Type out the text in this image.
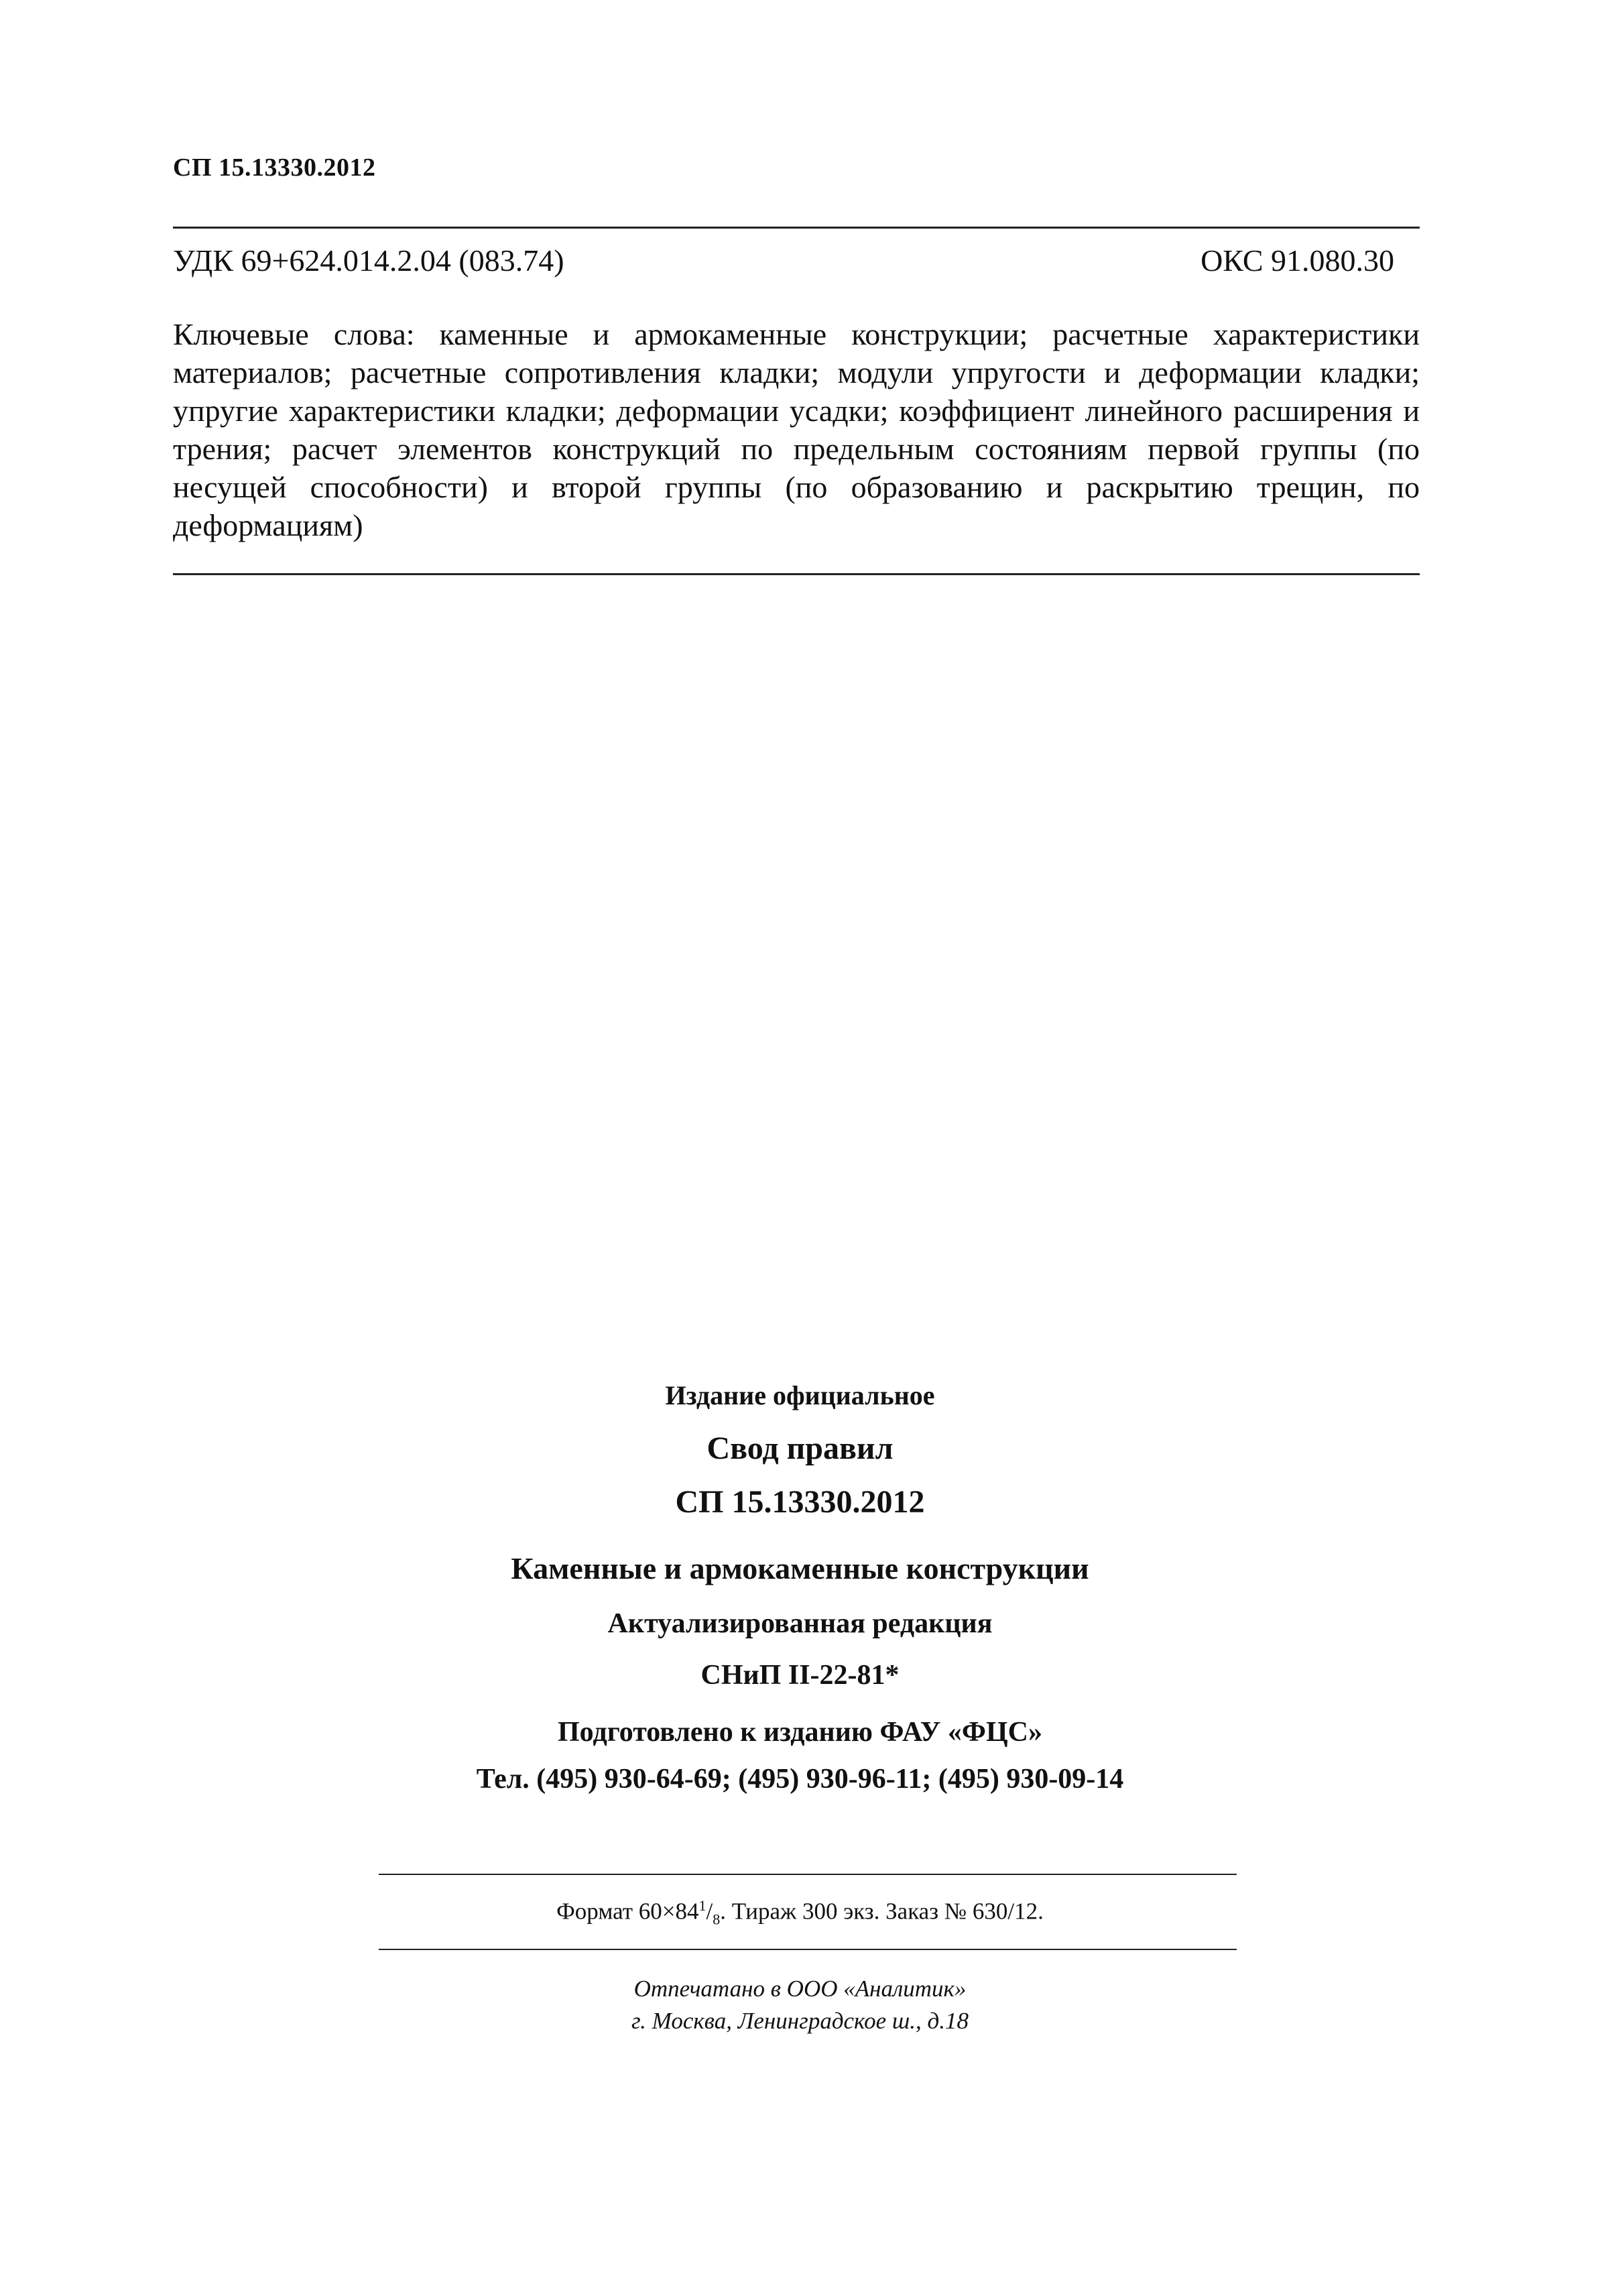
СП 15.13330.2012
УДК 69+624.014.2.04 (083.74)	ОКС 91.080.30
Ключевые слова: каменные и армокаменные конструкции; расчетные характеристики материалов; расчетные сопротивления кладки; модули упругости и деформации кладки; упругие характеристики кладки; деформации усадки; коэффициент линейного расширения и трения; расчет элементов конструкций по предельным состояниям первой группы (по несущей способности) и второй группы (по образованию и раскрытию трещин, по деформациям)
Издание официальное
Свод правил
СП 15.13330.2012
Каменные и армокаменные конструкции
Актуализированная редакция
СНиП II-22-81*
Подготовлено к изданию ФАУ «ФЦС»
Тел. (495) 930-64-69; (495) 930-96-11; (495) 930-09-14
Формат $60\times 84^1/_8$. Тираж 300 экз. Заказ № 630/12.
Отпечатано в ООО «Аналитик»
г. Москва, Ленинградское ш., д.18
